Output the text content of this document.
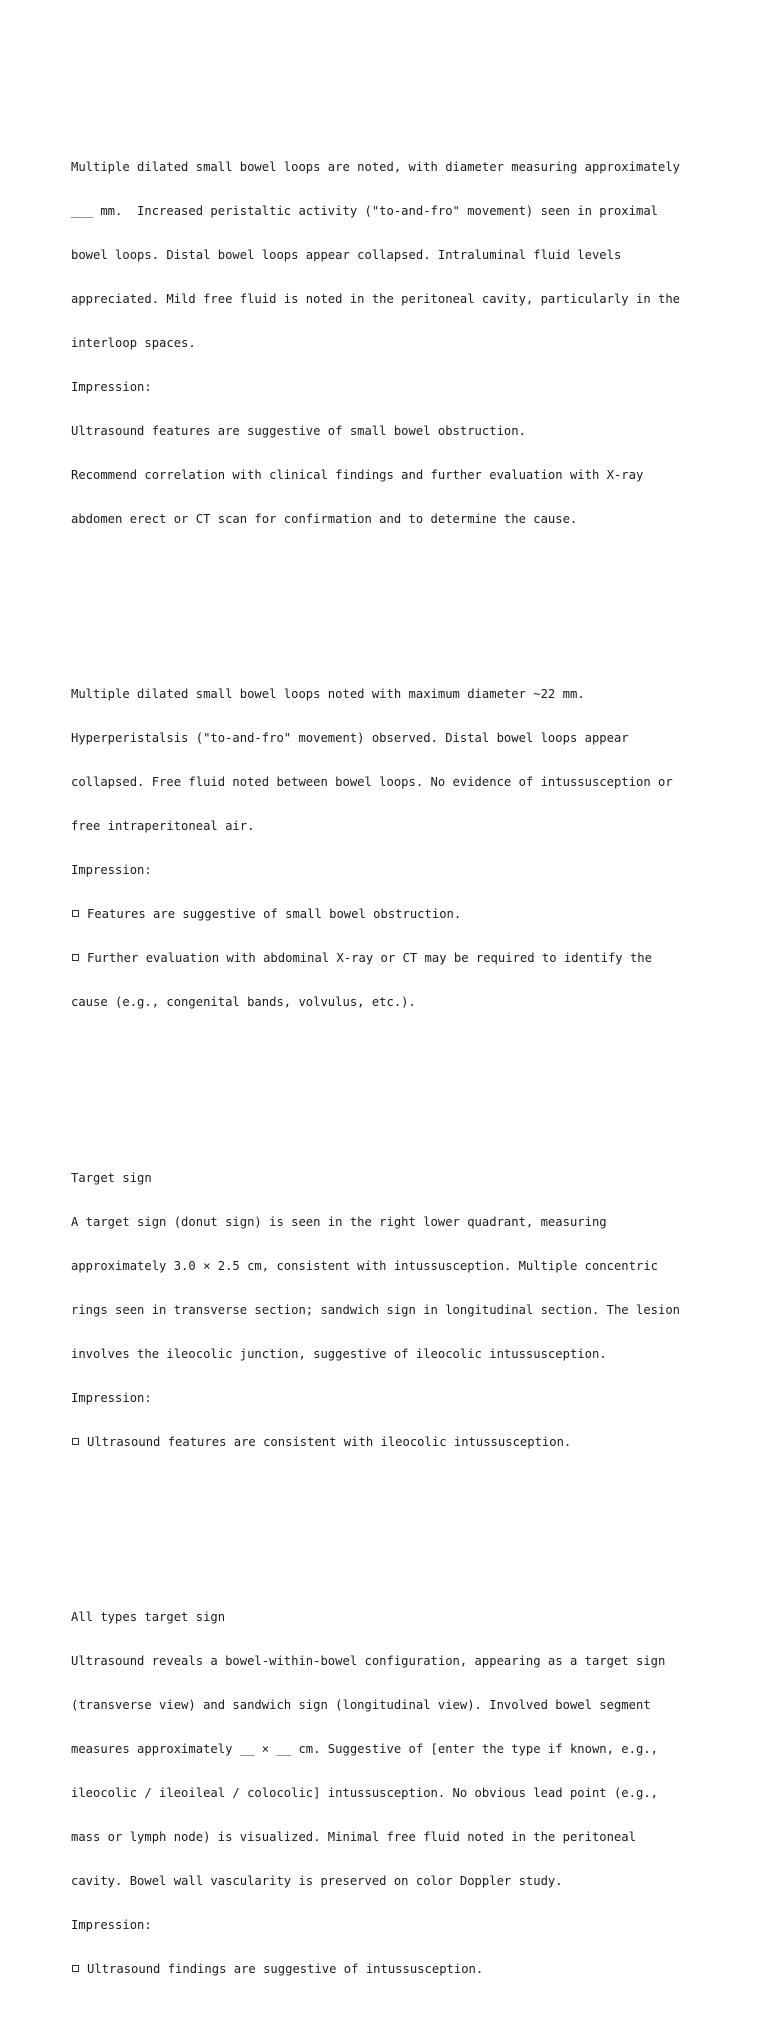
Multiple dilated small bowel loops are noted, with diameter measuring approximately

___ mm.  Increased peristaltic activity ("to-and-fro" movement) seen in proximal

bowel loops. Distal bowel loops appear collapsed. Intraluminal fluid levels

appreciated. Mild free fluid is noted in the peritoneal cavity, particularly in the

interloop spaces.

Impression:

Ultrasound features are suggestive of small bowel obstruction.

Recommend correlation with clinical findings and further evaluation with X-ray

abdomen erect or CT scan for confirmation and to determine the cause.

Multiple dilated small bowel loops noted with maximum diameter ~22 mm.

Hyperperistalsis ("to-and-fro" movement) observed. Distal bowel loops appear

collapsed. Free fluid noted between bowel loops. No evidence of intussusception or

free intraperitoneal air.

Impression:

Features are suggestive of small bowel obstruction.

Further evaluation with abdominal X-ray or CT may be required to identify the

cause (e.g., congenital bands, volvulus, etc.).

Target sign

A target sign (donut sign) is seen in the right lower quadrant, measuring

approximately 3.0 × 2.5 cm, consistent with intussusception. Multiple concentric

rings seen in transverse section; sandwich sign in longitudinal section. The lesion

involves the ileocolic junction, suggestive of ileocolic intussusception.

Impression:

Ultrasound features are consistent with ileocolic intussusception.

All types target sign

Ultrasound reveals a bowel-within-bowel configuration, appearing as a target sign

(transverse view) and sandwich sign (longitudinal view). Involved bowel segment

measures approximately __ × __ cm. Suggestive of [enter the type if known, e.g.,

ileocolic / ileoileal / colocolic] intussusception. No obvious lead point (e.g.,

mass or lymph node) is visualized. Minimal free fluid noted in the peritoneal

cavity. Bowel wall vascularity is preserved on color Doppler study.

Impression:

Ultrasound findings are suggestive of intussusception.
